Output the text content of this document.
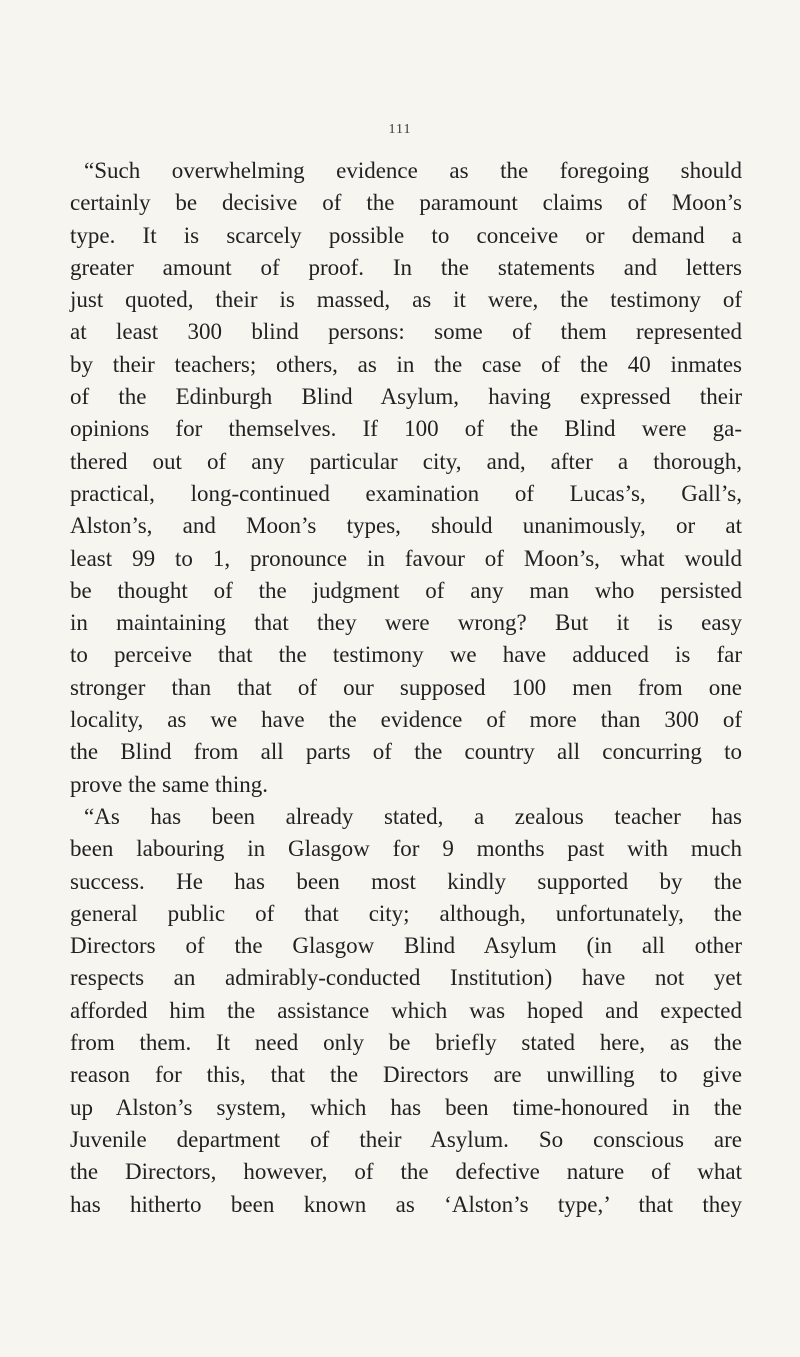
111
“Such overwhelming evidence as the foregoing should
certainly be decisive of the paramount claims of Moon’s
type. It is scarcely possible to conceive or demand a
greater amount of proof. In the statements and letters
just quoted, their is massed, as it were, the testimony of
at least 300 blind persons: some of them represented
by their teachers; others, as in the case of the 40 inmates
of the Edinburgh Blind Asylum, having expressed their
opinions for themselves. If 100 of the Blind were ga-
thered out of any particular city, and, after a thorough,
practical, long-continued examination of Lucas’s, Gall’s,
Alston’s, and Moon’s types, should unanimously, or at
least 99 to 1, pronounce in favour of Moon’s, what would
be thought of the judgment of any man who persisted
in maintaining that they were wrong? But it is easy
to perceive that the testimony we have adduced is far
stronger than that of our supposed 100 men from one
locality, as we have the evidence of more than 300 of
the Blind from all parts of the country all concurring to
prove the same thing.
“As has been already stated, a zealous teacher has
been labouring in Glasgow for 9 months past with much
success. He has been most kindly supported by the
general public of that city; although, unfortunately, the
Directors of the Glasgow Blind Asylum (in all other
respects an admirably-conducted Institution) have not yet
afforded him the assistance which was hoped and expected
from them. It need only be briefly stated here, as the
reason for this, that the Directors are unwilling to give
up Alston’s system, which has been time-honoured in the
Juvenile department of their Asylum. So conscious are
the Directors, however, of the defective nature of what
has hitherto been known as ‘Alston’s type,’ that they
